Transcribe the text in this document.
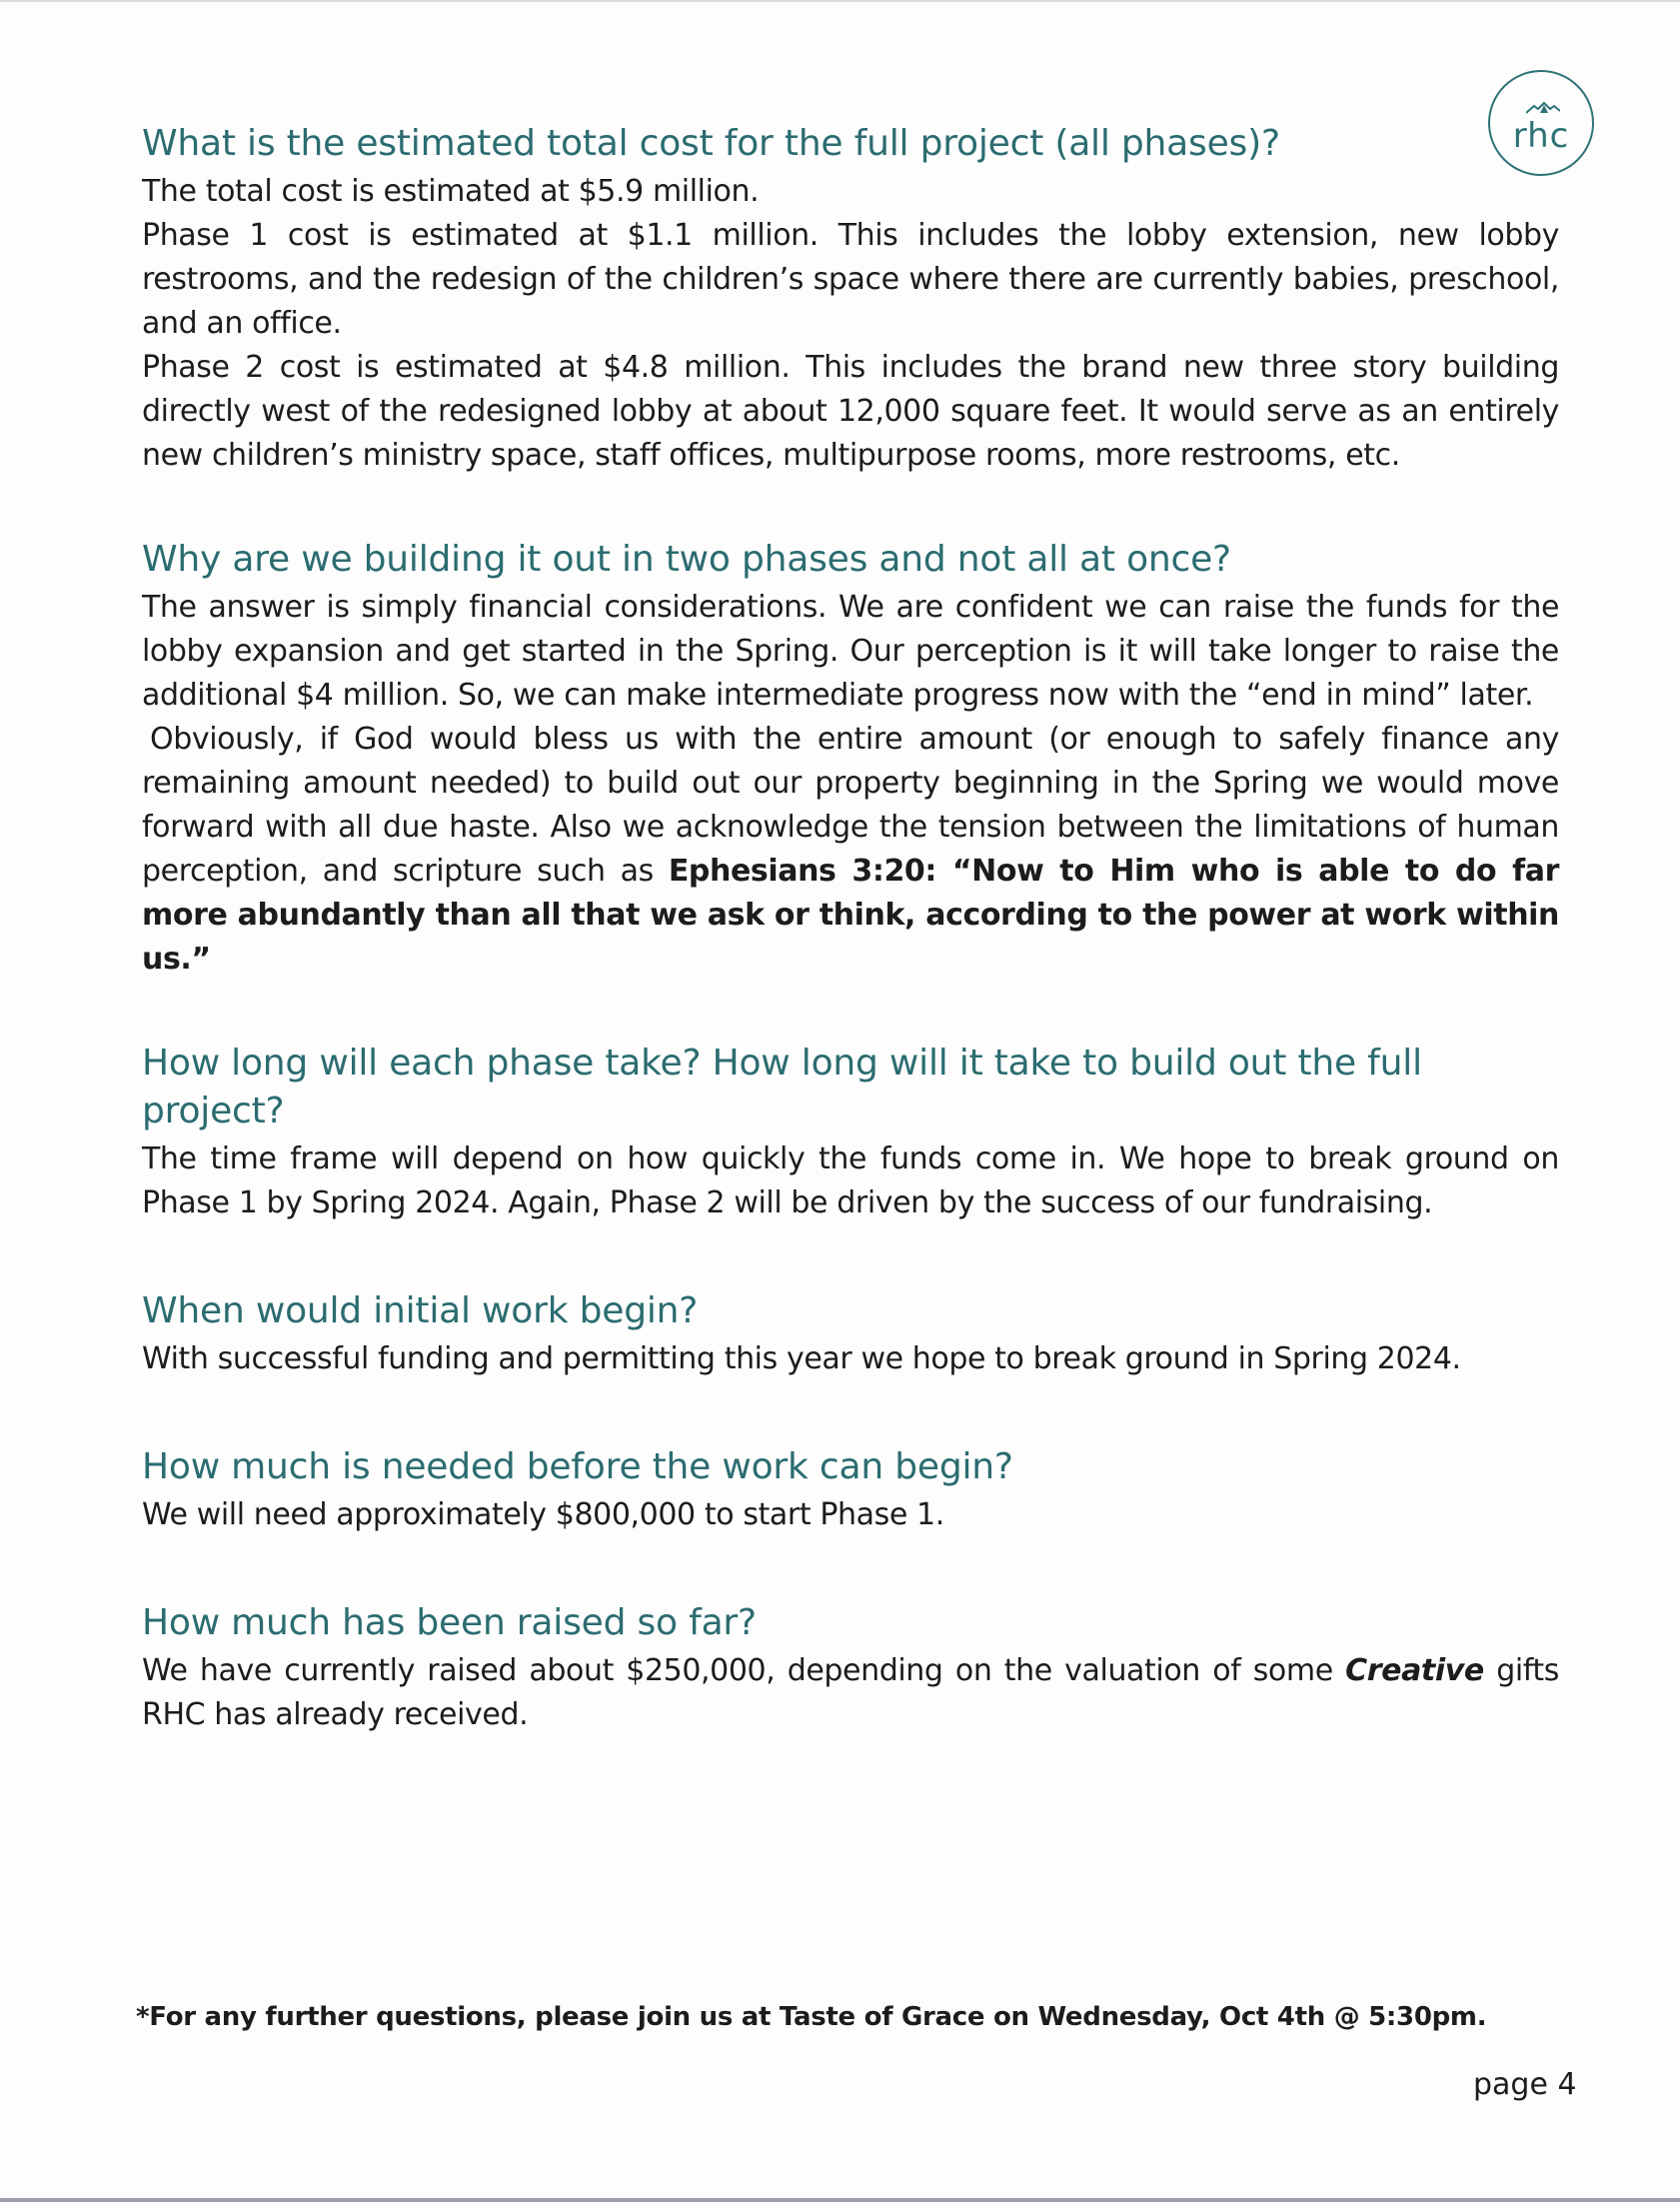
rhc
What is the estimated total cost for the full project (all phases)?

The total cost is estimated at $5.9 million.

Phase 1 cost is estimated at $1.1 million. This includes the lobby extension, new lobby restrooms, and the redesign of the children’s space where there are currently babies, preschool, and an office.

Phase 2 cost is estimated at $4.8 million. This includes the brand new three story building directly west of the redesigned lobby at about 12,000 square feet. It would serve as an entirely new children’s ministry space, staff offices, multipurpose rooms, more restrooms, etc.

Why are we building it out in two phases and not all at once?

The answer is simply financial considerations. We are confident we can raise the funds for the lobby expansion and get started in the Spring. Our perception is it will take longer to raise the additional $4 million. So, we can make intermediate progress now with the “end in mind” later.

Obviously, if God would bless us with the entire amount (or enough to safely finance any remaining amount needed) to build out our property beginning in the Spring we would move forward with all due haste. Also we acknowledge the tension between the limitations of human perception, and scripture such as Ephesians 3:20: “Now to Him who is able to do far more abundantly than all that we ask or think, according to the power at work within us.”

How long will each phase take? How long will it take to build out the full project?

The time frame will depend on how quickly the funds come in. We hope to break ground on Phase 1 by Spring 2024. Again, Phase 2 will be driven by the success of our fundraising.

When would initial work begin?

With successful funding and permitting this year we hope to break ground in Spring 2024.

How much is needed before the work can begin?

We will need approximately $800,000 to start Phase 1.

How much has been raised so far?

We have currently raised about $250,000, depending on the valuation of some Creative gifts RHC has already received.

*For any further questions, please join us at Taste of Grace on Wednesday, Oct 4th @ 5:30pm.
page 4
